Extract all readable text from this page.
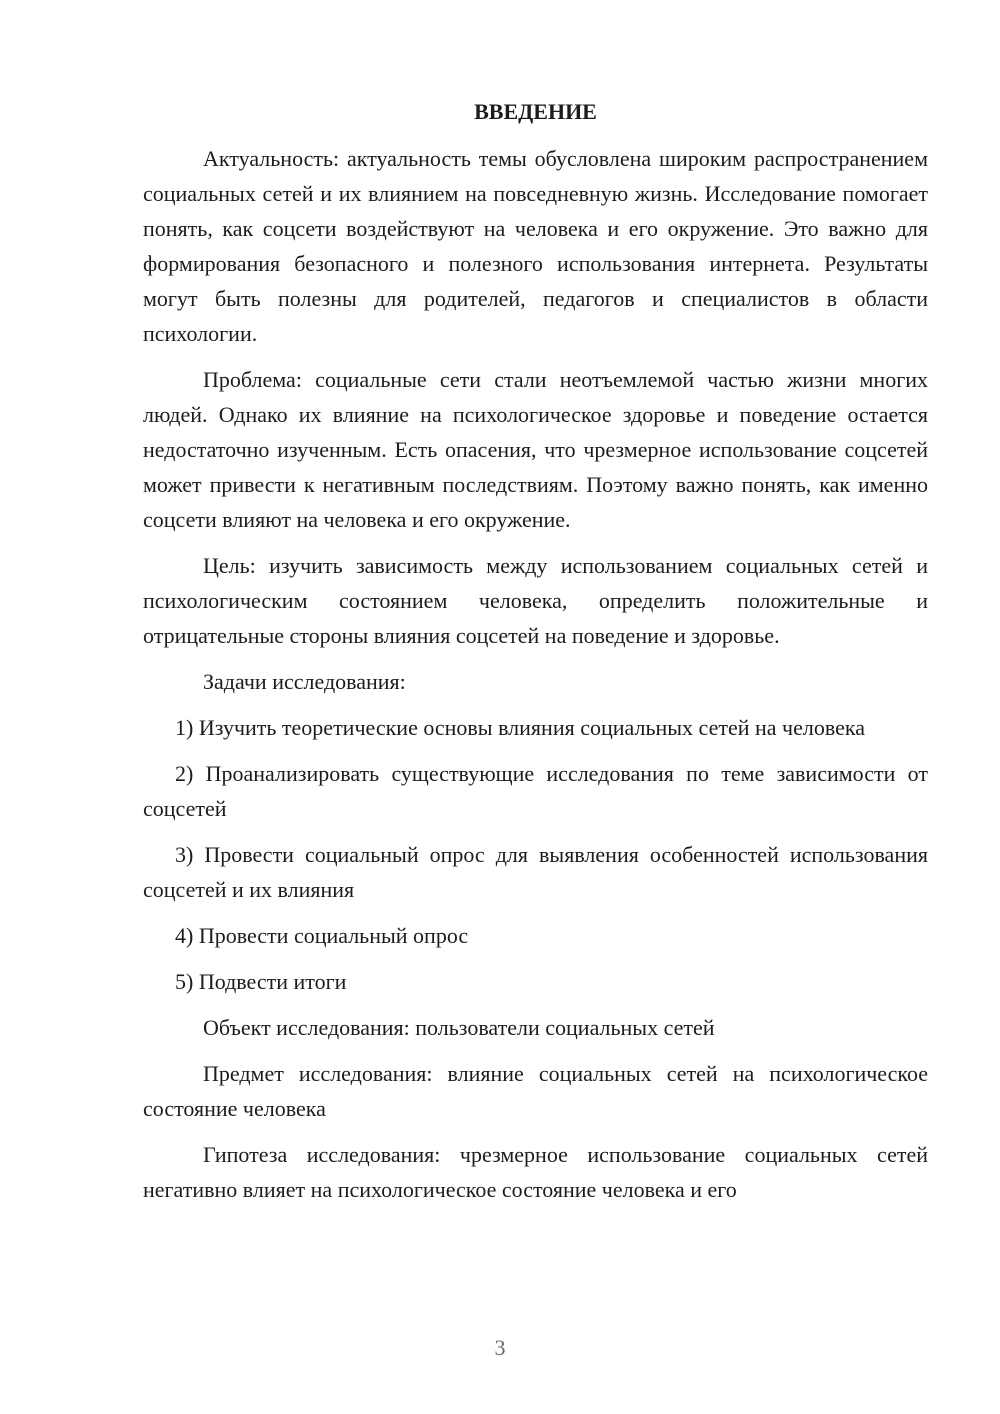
ВВЕДЕНИЕ

Актуальность: актуальность темы обусловлена широким распространением социальных сетей и их влиянием на повседневную жизнь. Исследование помогает понять, как соцсети воздействуют на человека и его окружение. Это важно для формирования безопасного и полезного использования интернета. Результаты могут быть полезны для родителей, педагогов и специалистов в области психологии.

Проблема: социальные сети стали неотъемлемой частью жизни многих людей. Однако их влияние на психологическое здоровье и поведение остается недостаточно изученным. Есть опасения, что чрезмерное использование соцсетей может привести к негативным последствиям. Поэтому важно понять, как именно соцсети влияют на человека и его окружение.

Цель: изучить зависимость между использованием социальных сетей и психологическим состоянием человека, определить положительные и отрицательные стороны влияния соцсетей на поведение и здоровье.

Задачи исследования:

1) Изучить теоретические основы влияния социальных сетей на человека

2) Проанализировать существующие исследования по теме зависимости от соцсетей

3) Провести социальный опрос для выявления особенностей использования соцсетей и их влияния

4) Провести социальный опрос

5) Подвести итоги

Объект исследования: пользователи социальных сетей

Предмет исследования: влияние социальных сетей на психологическое состояние человека

Гипотеза исследования: чрезмерное использование социальных сетей негативно влияет на психологическое состояние человека и его

3
